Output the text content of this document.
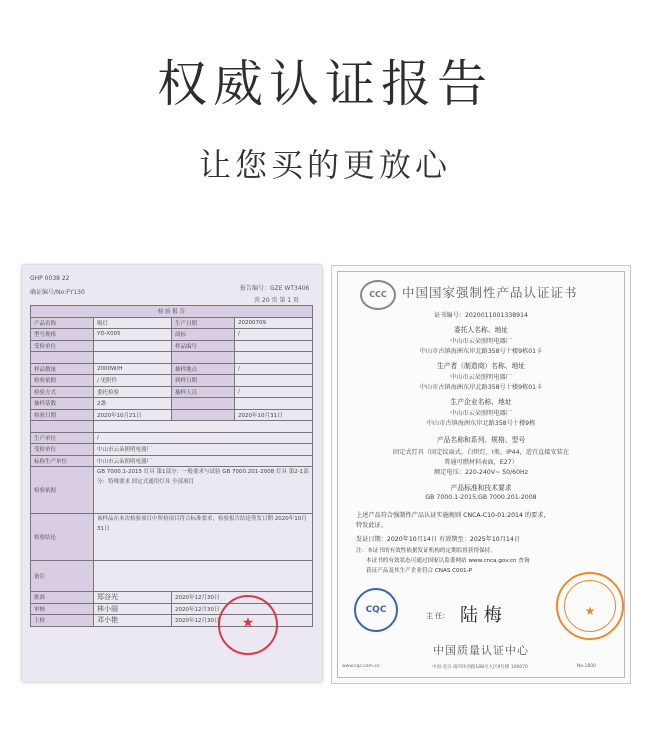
权威认证报告
让您买的更放心
GHP 0038 22
确证编号/No:FY130
报告编号：GZE WT3406
共 20 页 第 1 页
检 验 报 告			
产品名称	吸灯	生产日期	20200709
型号规格	YD-X005	商标	/
受检单位		样品编号	

样品数量	2000W/H	抽样地点	/
检验依据	/ 见附件	到样日期	
检验方式	委托检验	抽样人员	/
抽样基数	2盏		
检验日期	2020年10月21日		2020年10月31日

生产单位	/		
受检单位	中山市云朵照明电器厂		
标称生产单位	中山市云朵照明电器厂		
检验依据	GB 7000.1-2015 灯具 第1部分：一般要求与试验 GB 7000.201-2008 灯具 第2-1部分：特殊要求 固定式通用灯具 全部项目		
检验结论	该样品在本次检验项目中所检项目符合标准要求，检验报告结论签发日期 2020年10月31日		
备注			
批准	郑谷光	2020年12月30日	
审核	林小丽	2020年12月30日	
主检	邓小艳	2020年12月30日		★
CCC	中国国家强制性产品认证证书
证书编号：2020011001338914
委托人名称、地址
中山市云朵照明电器厂
中山市古镇海洲东岸北路358号十楼9栋01卡
生产者（制造商）名称、地址
中山市云朵照明电器厂
中山市古镇海洲东岸北路358号十楼9栋01卡
生产企业名称、地址
中山市云朵照明电器厂
中山市古镇海洲东岸北路358号十楼9栋
产品名称和系列、规格、型号
固定式灯具（固定纹面式，白炽灯，I类，IP44，适宜直接安装在
普通可燃材料表面，E27）
额定电压：220-240V~ 50/60Hz
产品标准和技术要求
GB 7000.1-2015;GB 7000.201-2008
上述产品符合强制性产品认证实施规则 CNCA-C10-01:2014 的要求，
特发此证。
发证日期：2020年10月14日 有效期至：2025年10月14日
注：本证书的有效性依据发证机构的定期监督获得保持。
本证书的有效状态可通过国家认监委网站 www.cnca.gov.cn 查询
获证产品及其生产企业符合 CNAS C001-P
CQC
主 任： 陆 梅	★
中国质量认证中心
www.cqc.com.cn	中国·北京·南四环西路188号九区9号楼 100070	No.1800
